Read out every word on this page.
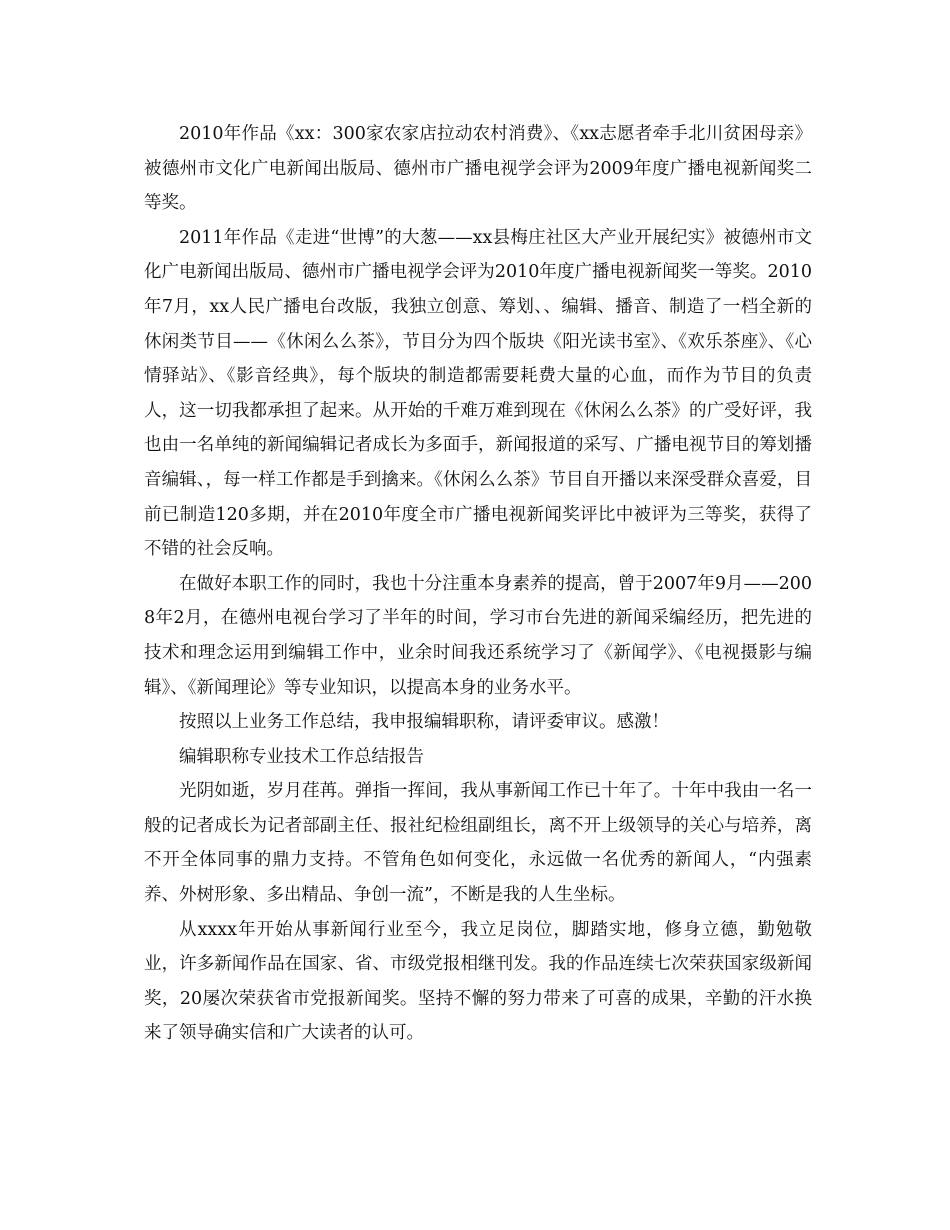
2010年作品《xx：300家农家店拉动农村消费》、《xx志愿者牵手北川贫困母亲》被德州市文化广电新闻出版局、德州市广播电视学会评为2009年度广播电视新闻奖二等奖。

2011年作品《走进“世博”的大葱——xx县梅庄社区大产业开展纪实》被德州市文化广电新闻出版局、德州市广播电视学会评为2010年度广播电视新闻奖一等奖。2010年7月，xx人民广播电台改版，我独立创意、筹划、、编辑、播音、制造了一档全新的休闲类节目——《休闲么么茶》，节目分为四个版块《阳光读书室》、《欢乐茶座》、《心情驿站》、《影音经典》，每个版块的制造都需要耗费大量的心血，而作为节目的负责人，这一切我都承担了起来。从开始的千难万难到现在《休闲么么茶》的广受好评，我也由一名单纯的新闻编辑记者成长为多面手，新闻报道的采写、广播电视节目的筹划播音编辑、，每一样工作都是手到擒来。《休闲么么茶》节目自开播以来深受群众喜爱，目前已制造120多期，并在2010年度全市广播电视新闻奖评比中被评为三等奖，获得了不错的社会反响。

在做好本职工作的同时，我也十分注重本身素养的提高，曾于2007年9月——2008年2月，在德州电视台学习了半年的时间，学习市台先进的新闻采编经历，把先进的技术和理念运用到编辑工作中，业余时间我还系统学习了《新闻学》、《电视摄影与编辑》、《新闻理论》等专业知识，以提高本身的业务水平。

按照以上业务工作总结，我申报编辑职称，请评委审议。感激！

编辑职称专业技术工作总结报告

光阴如逝，岁月荏苒。弹指一挥间，我从事新闻工作已十年了。十年中我由一名一般的记者成长为记者部副主任、报社纪检组副组长，离不开上级领导的关心与培养，离不开全体同事的鼎力支持。不管角色如何变化，永远做一名优秀的新闻人，“内强素养、外树形象、多出精品、争创一流”，不断是我的人生坐标。

从xxxx年开始从事新闻行业至今，我立足岗位，脚踏实地，修身立德，勤勉敬业，许多新闻作品在国家、省、市级党报相继刊发。我的作品连续七次荣获国家级新闻奖，20屡次荣获省市党报新闻奖。坚持不懈的努力带来了可喜的成果，辛勤的汗水换来了领导确实信和广大读者的认可。
